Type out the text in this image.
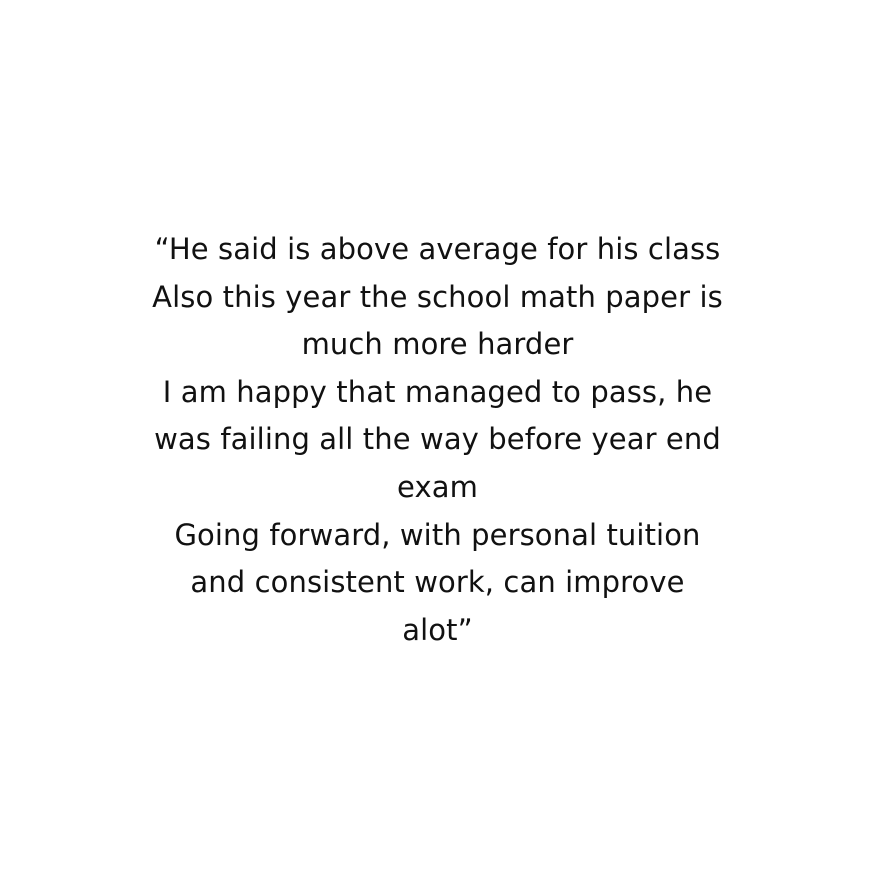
“He said is above average for his class
Also this year the school math paper is
much more harder
I am happy that managed to pass, he
was failing all the way before year end
exam
Going forward, with personal tuition
and consistent work, can improve
alot”
